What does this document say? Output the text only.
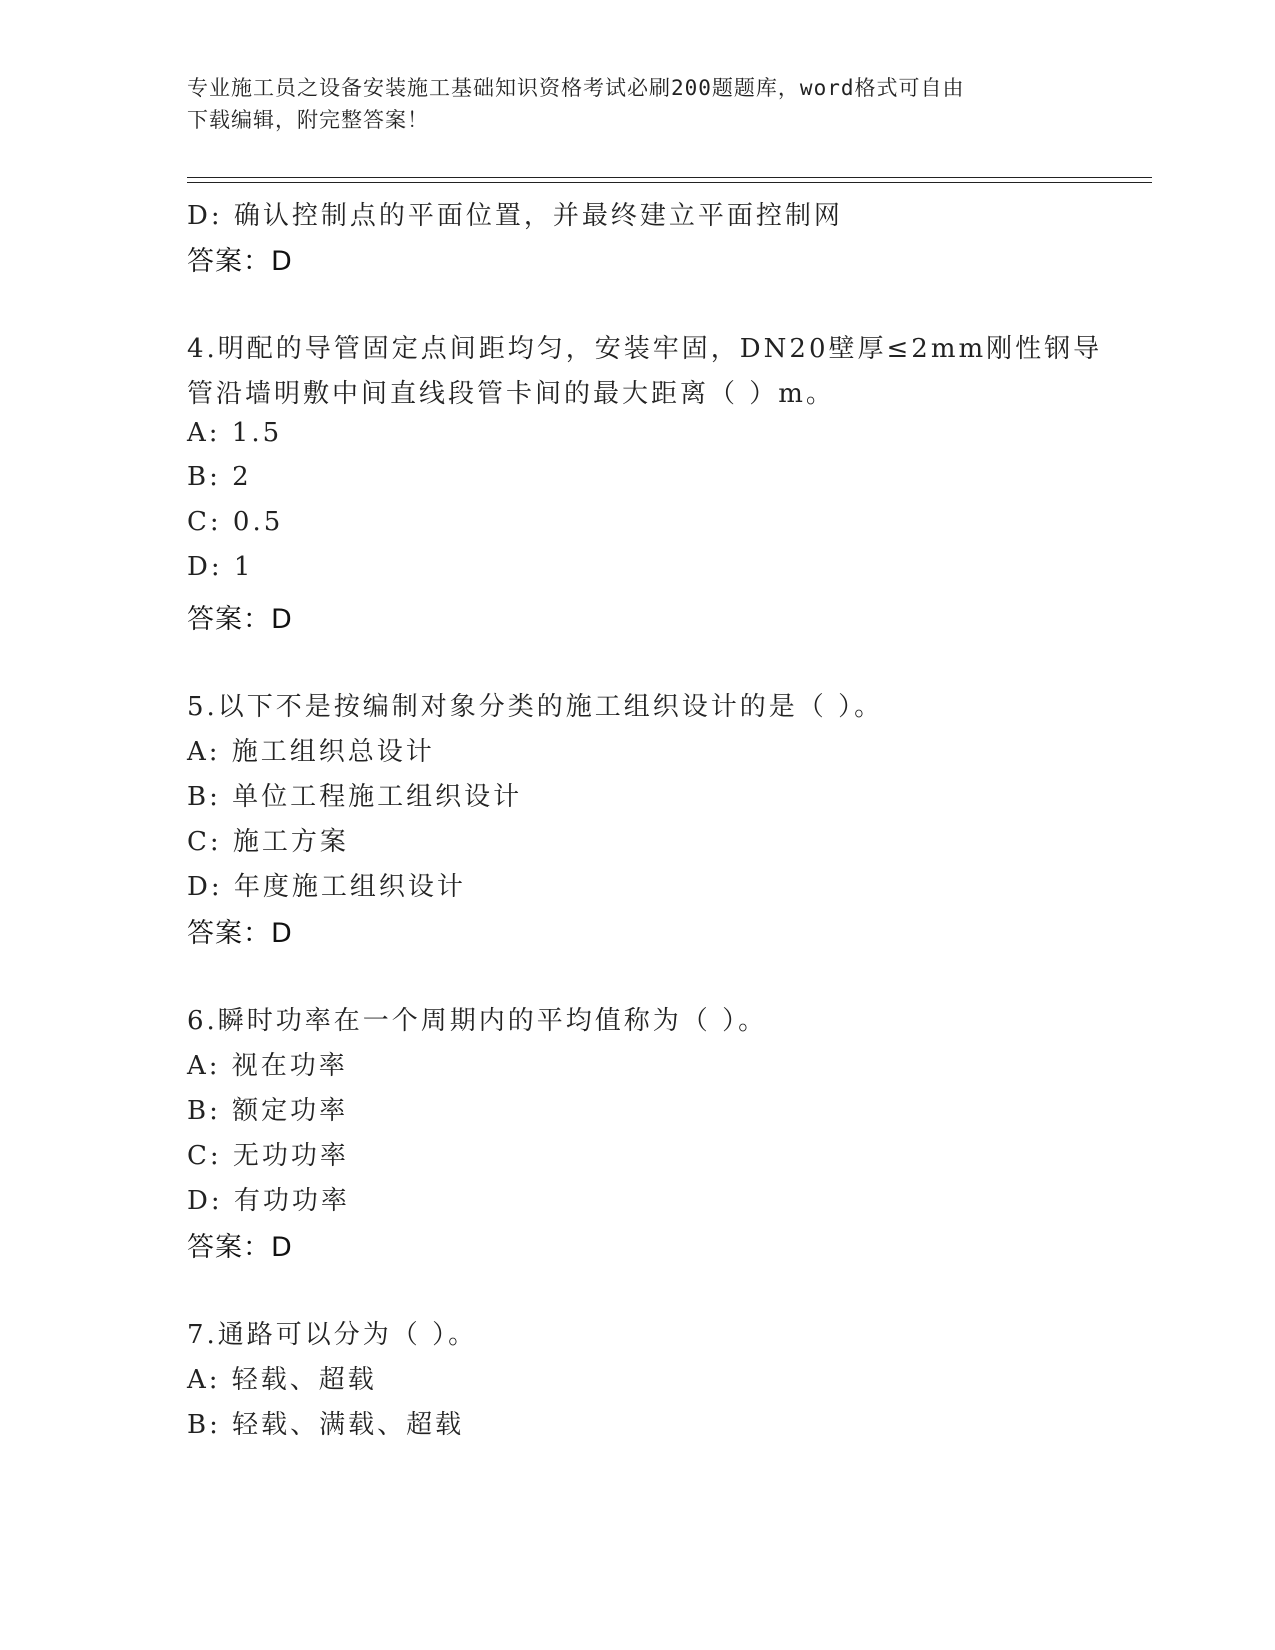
专业施工员之设备安装施工基础知识资格考试必刷200题题库，word格式可自由
下载编辑，附完整答案！
D: 确认控制点的平面位置，并最终建立平面控制网
答案：D
4.明配的导管固定点间距均匀，安装牢固，DN20壁厚≤2mm刚性钢导
管沿墙明敷中间直线段管卡间的最大距离（ ）m。
A: 1.5
B: 2
C: 0.5
D: 1
答案：D
5.以下不是按编制对象分类的施工组织设计的是（ ）。
A: 施工组织总设计
B: 单位工程施工组织设计
C: 施工方案
D: 年度施工组织设计
答案：D
6.瞬时功率在一个周期内的平均值称为（ ）。
A: 视在功率
B: 额定功率
C: 无功功率
D: 有功功率
答案：D
7.通路可以分为（ ）。
A: 轻载、超载
B: 轻载、满载、超载
